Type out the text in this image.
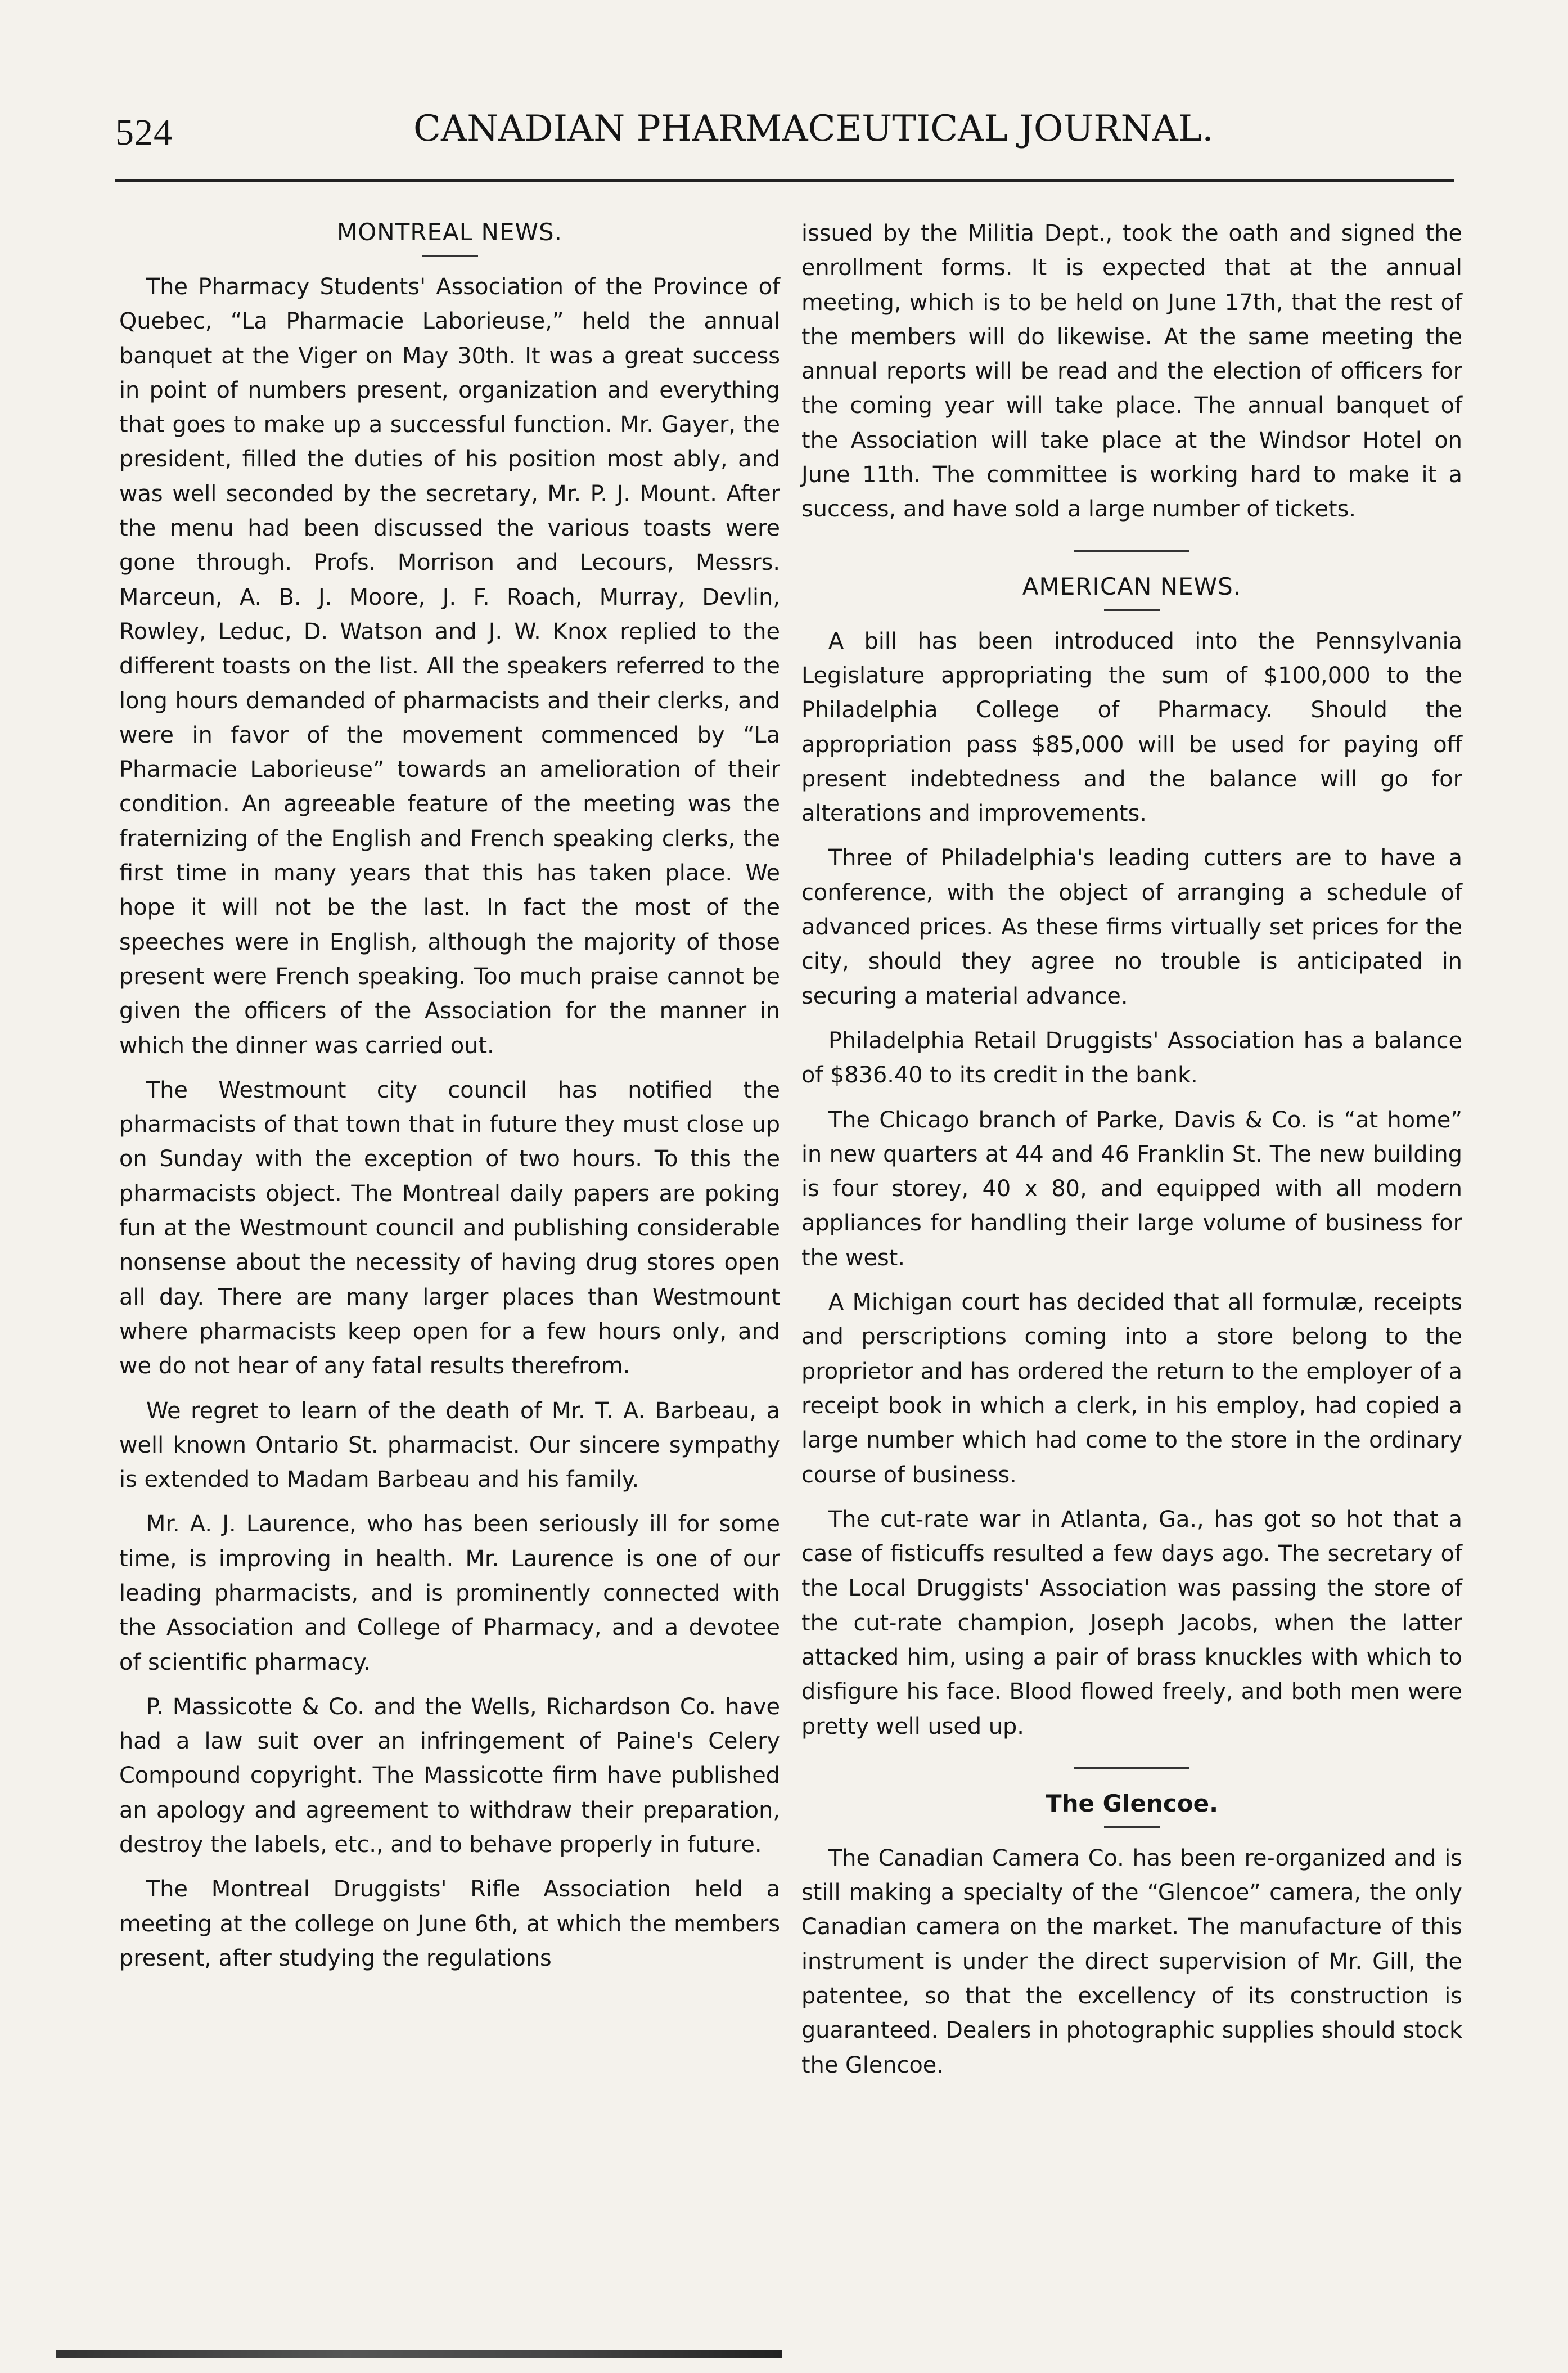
524	CANADIAN PHARMACEUTICAL JOURNAL.
MONTREAL NEWS.

The Pharmacy Students' Association of the Province of Quebec, “La Pharmacie Laborieuse,” held the annual banquet at the Viger on May 30th. It was a great success in point of numbers present, organization and everything that goes to make up a successful function. Mr. Gayer, the president, filled the duties of his position most ably, and was well seconded by the secretary, Mr. P. J. Mount. After the menu had been discussed the various toasts were gone through. Profs. Morrison and Lecours, Messrs. Marceun, A. B. J. Moore, J. F. Roach, Murray, Devlin, Rowley, Leduc, D. Watson and J. W. Knox replied to the different toasts on the list. All the speakers referred to the long hours demanded of pharmacists and their clerks, and were in favor of the movement commenced by “La Pharmacie Laborieuse” towards an amelioration of their condition. An agreeable feature of the meeting was the fraternizing of the English and French speaking clerks, the first time in many years that this has taken place. We hope it will not be the last. In fact the most of the speeches were in English, although the majority of those present were French speaking. Too much praise cannot be given the officers of the Association for the manner in which the dinner was carried out.

The Westmount city council has notified the pharmacists of that town that in future they must close up on Sunday with the exception of two hours. To this the pharmacists object. The Montreal daily papers are poking fun at the Westmount council and publishing considerable nonsense about the necessity of having drug stores open all day. There are many larger places than Westmount where pharmacists keep open for a few hours only, and we do not hear of any fatal results therefrom.

We regret to learn of the death of Mr. T. A. Barbeau, a well known Ontario St. pharmacist. Our sincere sympathy is extended to Madam Barbeau and his family.

Mr. A. J. Laurence, who has been seriously ill for some time, is improving in health. Mr. Laurence is one of our leading pharmacists, and is prominently connected with the Association and College of Pharmacy, and a devotee of scientific pharmacy.

P. Massicotte & Co. and the Wells, Richardson Co. have had a law suit over an infringement of Paine's Celery Compound copyright. The Massicotte firm have published an apology and agreement to withdraw their preparation, destroy the labels, etc., and to behave properly in future.

The Montreal Druggists' Rifle Association held a meeting at the college on June 6th, at which the members present, after studying the regulations

issued by the Militia Dept., took the oath and signed the enrollment forms. It is expected that at the annual meeting, which is to be held on June 17th, that the rest of the members will do likewise. At the same meeting the annual reports will be read and the election of officers for the coming year will take place. The annual banquet of the Association will take place at the Windsor Hotel on June 11th. The committee is working hard to make it a success, and have sold a large number of tickets.

AMERICAN NEWS.

A bill has been introduced into the Pennsylvania Legislature appropriating the sum of $100,000 to the Philadelphia College of Pharmacy. Should the appropriation pass $85,000 will be used for paying off present indebtedness and the balance will go for alterations and improvements.

Three of Philadelphia's leading cutters are to have a conference, with the object of arranging a schedule of advanced prices. As these firms virtually set prices for the city, should they agree no trouble is anticipated in securing a material advance.

Philadelphia Retail Druggists' Association has a balance of $836.40 to its credit in the bank.

The Chicago branch of Parke, Davis & Co. is “at home” in new quarters at 44 and 46 Franklin St. The new building is four storey, 40 x 80, and equipped with all modern appliances for handling their large volume of business for the west.

A Michigan court has decided that all formulæ, receipts and perscriptions coming into a store belong to the proprietor and has ordered the return to the employer of a receipt book in which a clerk, in his employ, had copied a large number which had come to the store in the ordinary course of business.

The cut-rate war in Atlanta, Ga., has got so hot that a case of fisticuffs resulted a few days ago. The secretary of the Local Druggists' Association was passing the store of the cut-rate champion, Joseph Jacobs, when the latter attacked him, using a pair of brass knuckles with which to disfigure his face. Blood flowed freely, and both men were pretty well used up.

The Glencoe.

The Canadian Camera Co. has been re-organized and is still making a specialty of the “Glencoe” camera, the only Canadian camera on the market. The manufacture of this instrument is under the direct supervision of Mr. Gill, the patentee, so that the excellency of its construction is guaranteed. Dealers in photographic supplies should stock the Glencoe.
